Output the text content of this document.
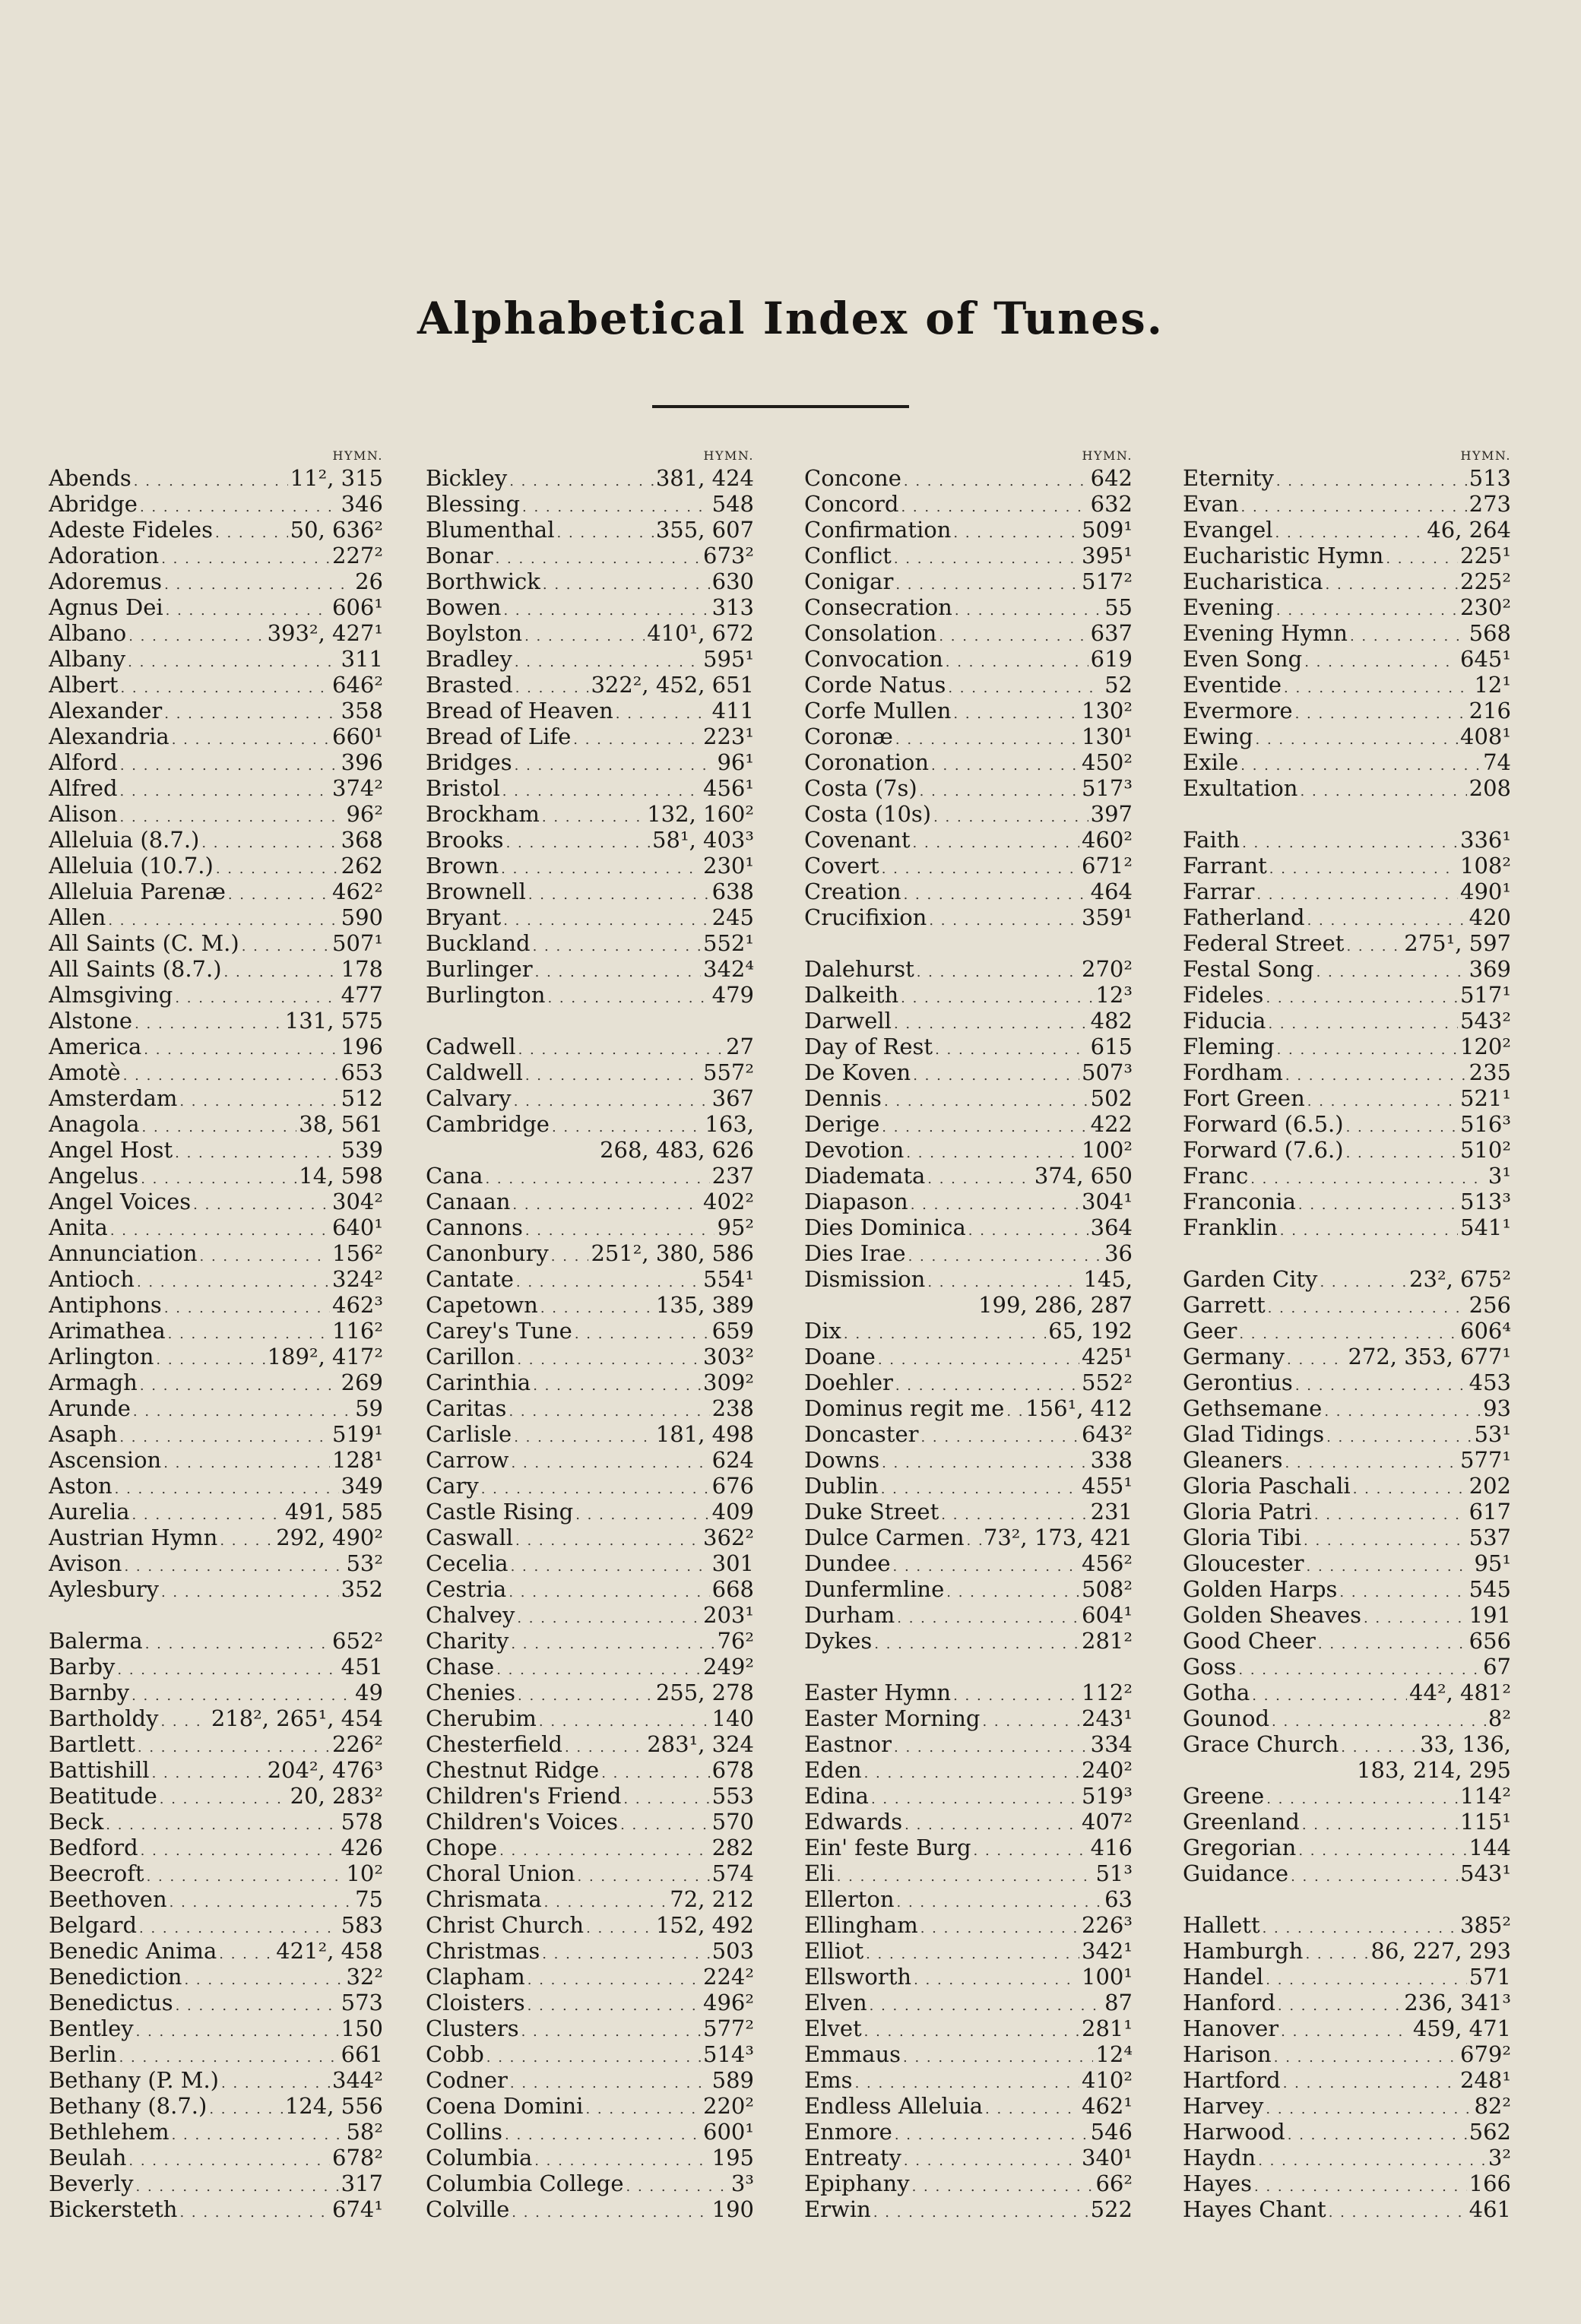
Alphabetical Index of Tunes.
HYMN.
Abends . . .	11², 315
Abridge . . .	346
Adeste Fideles . . .	50, 636²
Adoration . . .	227²
Adoremus . . .	26
Agnus Dei . . .	606¹
Albano . . .	393², 427¹
Albany . . .	311
Albert . . .	646²
Alexander . . .	358
Alexandria . . .	660¹
Alford . . .	396
Alfred . . .	374²
Alison . . .	96²
Alleluia (8.7.) . . .	368
Alleluia (10.7.) . . .	262
Alleluia Parenæ . . .	462²
Allen . . .	590
All Saints (C. M.) . . .	507¹
All Saints (8.7.) . . .	178
Almsgiving . . .	477
Alstone . . .	131, 575
America . . .	196
Amotè . . .	653
Amsterdam . . .	512
Anagola . . .	38, 561
Angel Host . . .	539
Angelus . . .	14, 598
Angel Voices . . .	304²
Anita . . .	640¹
Annunciation . . .	156²
Antioch . . .	324²
Antiphons . . .	462³
Arimathea . . .	116²
Arlington . . .	189², 417²
Armagh . . .	269
Arunde . . .	59
Asaph . . .	519¹
Ascension . . .	128¹
Aston . . .	349
Aurelia . . .	491, 585
Austrian Hymn . . .	292, 490²
Avison . . .	53²
Aylesbury . . .	352
Balerma . . .	652²
Barby . . .	451
Barnby . . .	49
Bartholdy . . . 218², 265¹, 454
Bartlett . . .	226²
Battishill . . .	204², 476³
Beatitude . . .	20, 283²
Beck . . .	578
Bedford . . .	426
Beecroft . . .	10²
Beethoven . . .	75
Belgard . . .	583
Benedic Anima . . .	421², 458
Benediction . . .	32²
Benedictus . . .	573
Bentley . . .	150
Berlin . . .	661
Bethany (P. M.) . . .	344²
Bethany (8.7.) . . .	124, 556
Bethlehem . . .	58²
Beulah . . .	678²
Beverly . . .	317
Bickersteth . . .	674¹
HYMN.
Bickley . . .	381, 424
Blessing . . .	548
Blumenthal . . .	355, 607
Bonar . . .	673²
Borthwick . . .	630
Bowen . . .	313
Boylston . . .	410¹, 672
Bradley . . .	595¹
Brasted . . .	322², 452, 651
Bread of Heaven . . .	411
Bread of Life . . .	223¹
Bridges . . .	96¹
Bristol . . .	456¹
Brockham . . .	132, 160²
Brooks . . .	58¹, 403³
Brown . . .	230¹
Brownell . . .	638
Bryant . . .	245
Buckland . . .	552¹
Burlinger . . .	342⁴
Burlington . . .	479
Cadwell . . .	27
Caldwell . . .	557²
Calvary . . .	367
Cambridge . . .	163,
268, 483, 626
Cana . . .	237
Canaan . . .	402²
Cannons . . .	95²
Canonbury . . . 251², 380, 586
Cantate . . .	554¹
Capetown . . .	135, 389
Carey's Tune . . .	659
Carillon . . .	303²
Carinthia . . .	309²
Caritas . . .	238
Carlisle . . .	181, 498
Carrow . . .	624
Cary . . .	676
Castle Rising . . .	409
Caswall . . .	362²
Cecelia . . .	301
Cestria . . .	668
Chalvey . . .	203¹
Charity . . .	76²
Chase . . .	249²
Chenies . . .	255, 278
Cherubim . . .	140
Chesterfield . . .	283¹, 324
Chestnut Ridge . . .	678
Children's Friend . . .	553
Children's Voices . . .	570
Chope . . .	282
Choral Union . . .	574
Chrismata . . .	72, 212
Christ Church . . .	152, 492
Christmas . . .	503
Clapham . . .	224²
Cloisters . . .	496²
Clusters . . .	577²
Cobb . . .	514³
Codner . . .	589
Coena Domini . . .	220²
Collins . . .	600¹
Columbia . . .	195
Columbia College . . .	3³
Colville . . .	190
HYMN.
Concone . . .	642
Concord . . .	632
Confirmation . . .	509¹
Conflict . . .	395¹
Conigar . . .	517²
Consecration . . .	55
Consolation . . .	637
Convocation . . .	619
Corde Natus . . .	52
Corfe Mullen . . .	130²
Coronæ . . .	130¹
Coronation . . .	450²
Costa (7s) . . .	517³
Costa (10s) . . .	397
Covenant . . .	460²
Covert . . .	671²
Creation . . .	464
Crucifixion . . .	359¹
Dalehurst . . .	270²
Dalkeith . . .	12³
Darwell . . .	482
Day of Rest . . .	615
De Koven . . .	507³
Dennis . . .	502
Derige . . .	422
Devotion . . .	100²
Diademata . . .	374, 650
Diapason . . .	304¹
Dies Dominica . . .	364
Dies Irae . . .	36
Dismission . . .	145,
199, 286, 287
Dix . . .	65, 192
Doane . . .	425¹
Doehler . . .	552²
Dominus regit me . . . 156¹, 412
Doncaster . . .	643²
Downs . . .	338
Dublin . . .	455¹
Duke Street . . .	231
Dulce Carmen . . . 73², 173, 421
Dundee . . .	456²
Dunfermline . . .	508²
Durham . . .	604¹
Dykes . . .	281²
Easter Hymn . . .	112²
Easter Morning . . .	243¹
Eastnor . . .	334
Eden . . .	240²
Edina . . .	519³
Edwards . . .	407²
Ein' feste Burg . . .	416
Eli . . .	51³
Ellerton . . .	63
Ellingham . . .	226³
Elliot . . .	342¹
Ellsworth . . .	100¹
Elven . . .	87
Elvet . . .	281¹
Emmaus . . .	12⁴
Ems . . .	410²
Endless Alleluia . . .	462¹
Enmore . . .	546
Entreaty . . .	340¹
Epiphany . . .	66²
Erwin . . .	522
HYMN.
Eternity . . .	513
Evan . . .	273
Evangel . . .	46, 264
Eucharistic Hymn . . .	225¹
Eucharistica . . .	225²
Evening . . .	230²
Evening Hymn . . .	568
Even Song . . .	645¹
Eventide . . .	12¹
Evermore . . .	216
Ewing . . .	408¹
Exile . . .	74
Exultation . . .	208
Faith . . .	336¹
Farrant . . .	108²
Farrar . . .	490¹
Fatherland . . .	420
Federal Street . . .	275¹, 597
Festal Song . . .	369
Fideles . . .	517¹
Fiducia . . .	543²
Fleming . . .	120²
Fordham . . .	235
Fort Green . . .	521¹
Forward (6.5.) . . .	516³
Forward (7.6.) . . .	510²
Franc . . .	3¹
Franconia . . .	513³
Franklin . . .	541¹
Garden City . . .	23², 675²
Garrett . . .	256
Geer . . .	606⁴
Germany . . .	272, 353, 677¹
Gerontius . . .	453
Gethsemane . . .	93
Glad Tidings . . .	53¹
Gleaners . . .	577¹
Gloria Paschali . . .	202
Gloria Patri . . .	617
Gloria Tibi . . .	537
Gloucester . . .	95¹
Golden Harps . . .	545
Golden Sheaves . . .	191
Good Cheer . . .	656
Goss . . .	67
Gotha . . .	44², 481²
Gounod . . .	8²
Grace Church . . .	33, 136,
183, 214, 295
Greene . . .	114²
Greenland . . .	115¹
Gregorian . . .	144
Guidance . . .	543¹
Hallett . . .	385²
Hamburgh . . .	86, 227, 293
Handel . . .	571
Hanford . . .	236, 341³
Hanover . . .	459, 471
Harison . . .	679²
Hartford . . .	248¹
Harvey . . .	82²
Harwood . . .	562
Haydn . . .	3²
Hayes . . .	166
Hayes Chant . . .	461
